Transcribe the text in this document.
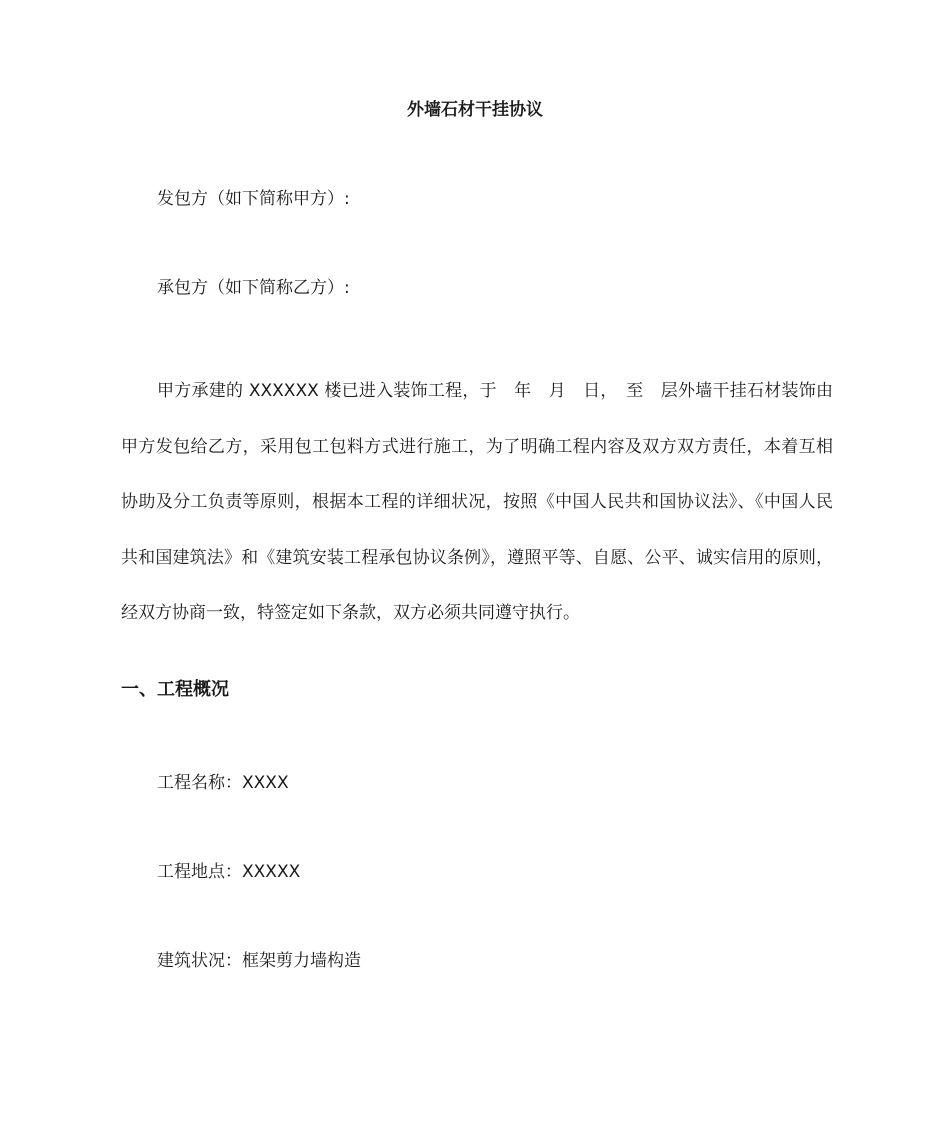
外墙石材干挂协议
发包方（如下简称甲方）:
承包方（如下简称乙方）:
甲方承建的 XXXXXX 楼已进入装饰工程，于　年　月　日，　至　层外墙干挂石材装饰由甲方发包给乙方，采用包工包料方式进行施工，为了明确工程内容及双方双方责任，本着互相协助及分工负责等原则，根据本工程的详细状况，按照《中国人民共和国协议法》、《中国人民共和国建筑法》和《建筑安装工程承包协议条例》，遵照平等、自愿、公平、诚实信用的原则，经双方协商一致，特签定如下条款，双方必须共同遵守执行。
一、工程概况
工程名称：XXXX
工程地点：XXXXX
建筑状况：框架剪力墙构造
